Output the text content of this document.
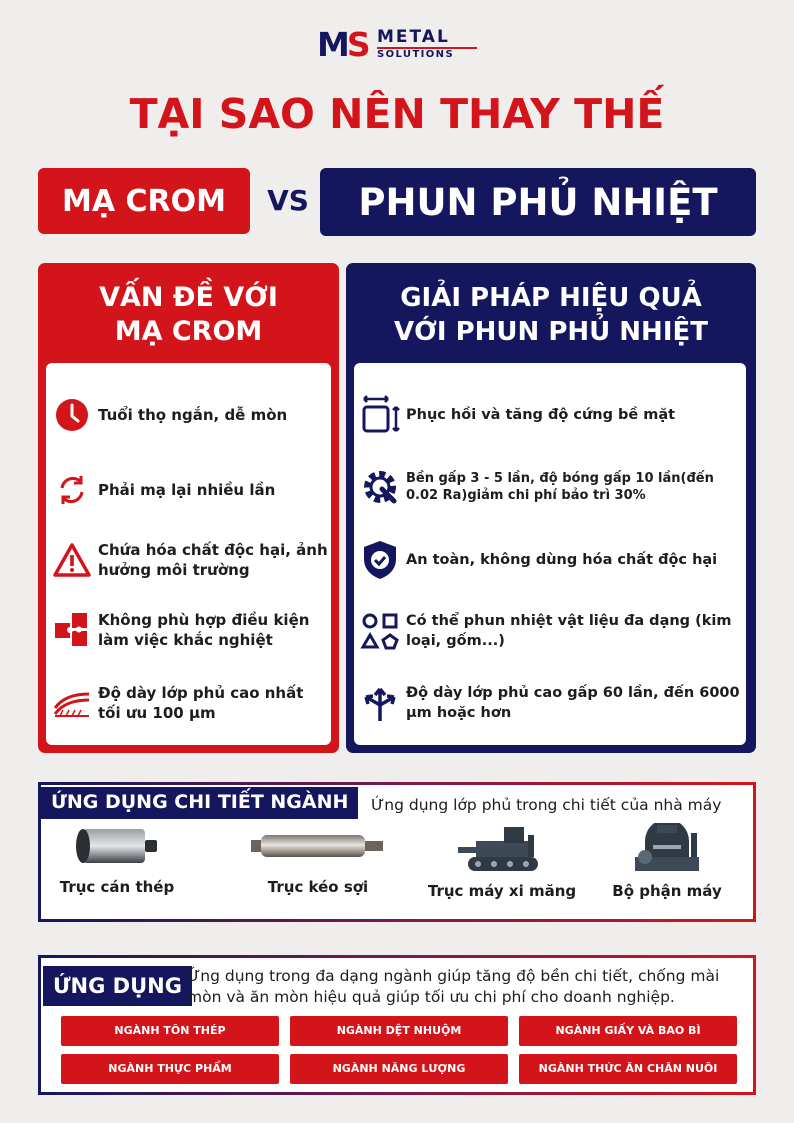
MS METAL
SOLUTIONS
TẠI SAO NÊN THAY THẾ
MẠ CROM	VS	PHUN PHỦ NHIỆT
VẤN ĐỀ VỚI
MẠ CROM
Tuổi thọ ngắn, dễ mòn
Phải mạ lại nhiều lần
Chứa hóa chất độc hại, ảnh hưởng môi trường
Không phù hợp điều kiện làm việc khắc nghiệt
Độ dày lớp phủ cao nhất tối ưu 100 µm
GIẢI PHÁP HIỆU QUẢ
VỚI PHUN PHỦ NHIỆT
Phục hồi và tăng độ cứng bề mặt
Bền gấp 3 - 5 lần, độ bóng gấp 10 lần(đến 0.02 Ra)giảm chi phí bảo trì 30%
An toàn, không dùng hóa chất độc hại
Có thể phun nhiệt vật liệu đa dạng (kim loại, gốm...)
Độ dày lớp phủ cao gấp 60 lần, đến 6000 µm hoặc hơn
ỨNG DỤNG CHI TIẾT NGÀNH	Ứng dụng lớp phủ trong chi tiết của nhà máy
Trục cán thép	Trục kéo sợi	Trục máy xi măng	Bộ phận máy
ỨNG DỤNG Ứng dụng trong đa dạng ngành giúp tăng độ bền chi tiết, chống mài mòn và ăn mòn hiệu quả giúp tối ưu chi phí cho doanh nghiệp.
NGÀNH TÔN THÉP	NGÀNH DỆT NHUỘM	NGÀNH GIẤY VÀ BAO BÌ
NGÀNH THỰC PHẨM	NGÀNH NĂNG LƯỢNG	NGÀNH THỨC ĂN CHĂN NUÔI
